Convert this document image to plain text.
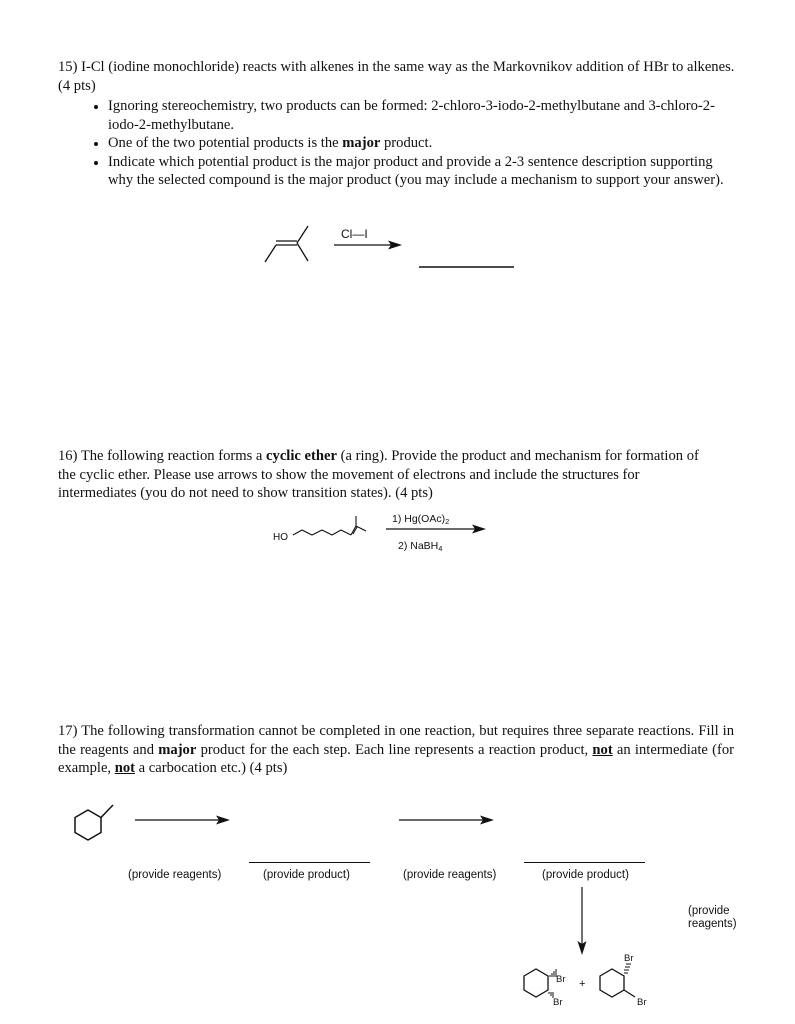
15) I-Cl (iodine monochloride) reacts with alkenes in the same way as the Markovnikov addition of HBr to alkenes. (4 pts)

• Ignoring stereochemistry, two products can be formed: 2-chloro-3-iodo-2-methylbutane and 3-chloro-2-iodo-2-methylbutane.
• One of the two potential products is the major product.
• Indicate which potential product is the major product and provide a 2-3 sentence description supporting why the selected compound is the major product (you may include a mechanism to support your answer).
Cl—I
HO
1) Hg(OAc)2
2) NaBH4
Br
Br
+
Br
Br

16) The following reaction forms a cyclic ether (a ring). Provide the product and mechanism for formation of the cyclic ether. Please use arrows to show the movement of electrons and include the structures for intermediates (you do not need to show transition states). (4 pts)

17) The following transformation cannot be completed in one reaction, but requires three separate reactions. Fill in the reagents and major product for the each step. Each line represents a reaction product, not an intermediate (for example, not a carbocation etc.) (4 pts)

(provide reagents)	(provide product)	(provide reagents)	(provide product)
(provide
reagents)
